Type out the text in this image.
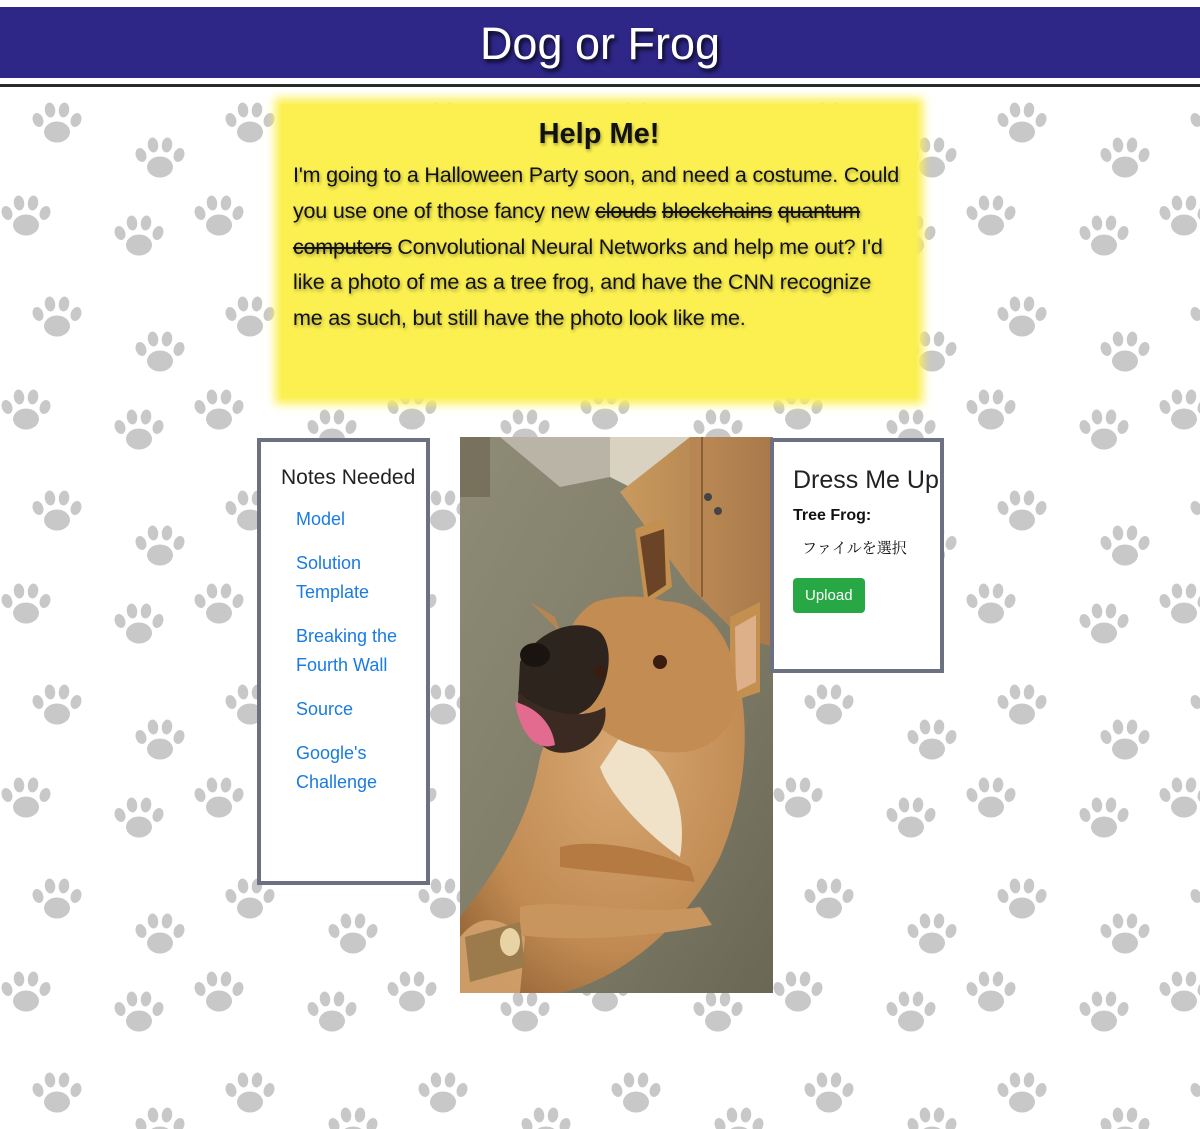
Dog or Frog
Help Me!

I'm going to a Halloween Party soon, and need a costume. Could you use one of those fancy new clouds blockchains quantum computers Convolutional Neural Networks and help me out? I'd like a photo of me as a tree frog, and have the CNN recognize me as such, but still have the photo look like me.

Notes Needed
Model
Solution Template
Breaking the Fourth Wall
Source
Google's Challenge
Dress Me Up
Tree Frog:
ファイルを選択
Upload
